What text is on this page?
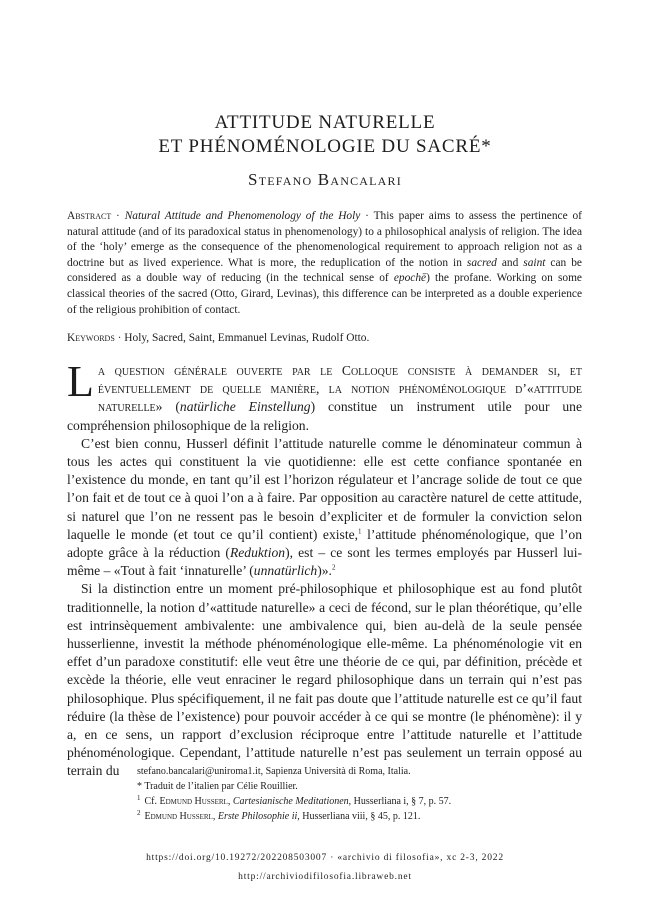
ATTITUDE NATURELLE
ET PHÉNOMÉNOLOGIE DU SACRÉ*
Stefano Bancalari
Abstract · Natural Attitude and Phenomenology of the Holy · This paper aims to assess the pertinence of natural attitude (and of its paradoxical status in phenomenology) to a philosophical analysis of religion. The idea of the ‘holy’ emerge as the consequence of the phenomenological requirement to approach religion not as a doctrine but as lived experience. What is more, the reduplication of the notion in sacred and saint can be considered as a double way of reducing (in the technical sense of epochē) the profane. Working on some classical theories of the sacred (Otto, Girard, Levinas), this difference can be interpreted as a double experience of the religious prohibition of contact.
Keywords · Holy, Sacred, Saint, Emmanuel Levinas, Rudolf Otto.

La question générale ouverte par le Colloque consiste à demander si, et éventuellement de quelle manière, la notion phénoménologique d’«attitude naturelle» (natürliche Einstellung) constitue un instrument utile pour une compréhension philosophique de la religion.

C’est bien connu, Husserl définit l’attitude naturelle comme le dénominateur commun à tous les actes qui constituent la vie quotidienne: elle est cette confiance spontanée en l’existence du monde, en tant qu’il est l’horizon régulateur et l’ancrage solide de tout ce que l’on fait et de tout ce à quoi l’on a à faire. Par opposition au caractère naturel de cette attitude, si naturel que l’on ne ressent pas le besoin d’expliciter et de formuler la conviction selon laquelle le monde (et tout ce qu’il contient) existe,$^1$ l’attitude phénoménologique, que l’on adopte grâce à la réduction (Reduktion), est – ce sont les termes employés par Husserl lui-même – «Tout à fait ‘innaturelle’ (unnatürlich)».$^2$

Si la distinction entre un moment pré-philosophique et philosophique est au fond plutôt traditionnelle, la notion d’«attitude naturelle» a ceci de fécond, sur le plan théorétique, qu’elle est intrinsèquement ambivalente: une ambivalence qui, bien au-delà de la seule pensée husserlienne, investit la méthode phénoménologique elle-même. La phénoménologie vit en effet d’un paradoxe constitutif: elle veut être une théorie de ce qui, par définition, précède et excède la théorie, elle veut enraciner le regard philosophique dans un terrain qui n’est pas philosophique. Plus spécifiquement, il ne fait pas doute que l’attitude naturelle est ce qu’il faut réduire (la thèse de l’existence) pour pouvoir accéder à ce qui se montre (le phénomène): il y a, en ce sens, un rapport d’exclusion réciproque entre l’attitude naturelle et l’attitude phénoménologique. Cependant, l’attitude naturelle n’est pas seulement un terrain opposé au terrain du	stefano.bancalari@uniroma1.it, Sapienza Università di Roma, Italia.
* Traduit de l’italien par Célie Rouillier.
$^1$ Cf. Edmund Husserl, Cartesianische Meditationen, Husserliana i, § 7, p. 57.
$^2$ Edmund Husserl, Erste Philosophie ii, Husserliana viii, § 45, p. 121.
https://doi.org/10.19272/202208503007 · «archivio di filosofia», xc 2-3, 2022
http://archiviodifilosofia.libraweb.net
